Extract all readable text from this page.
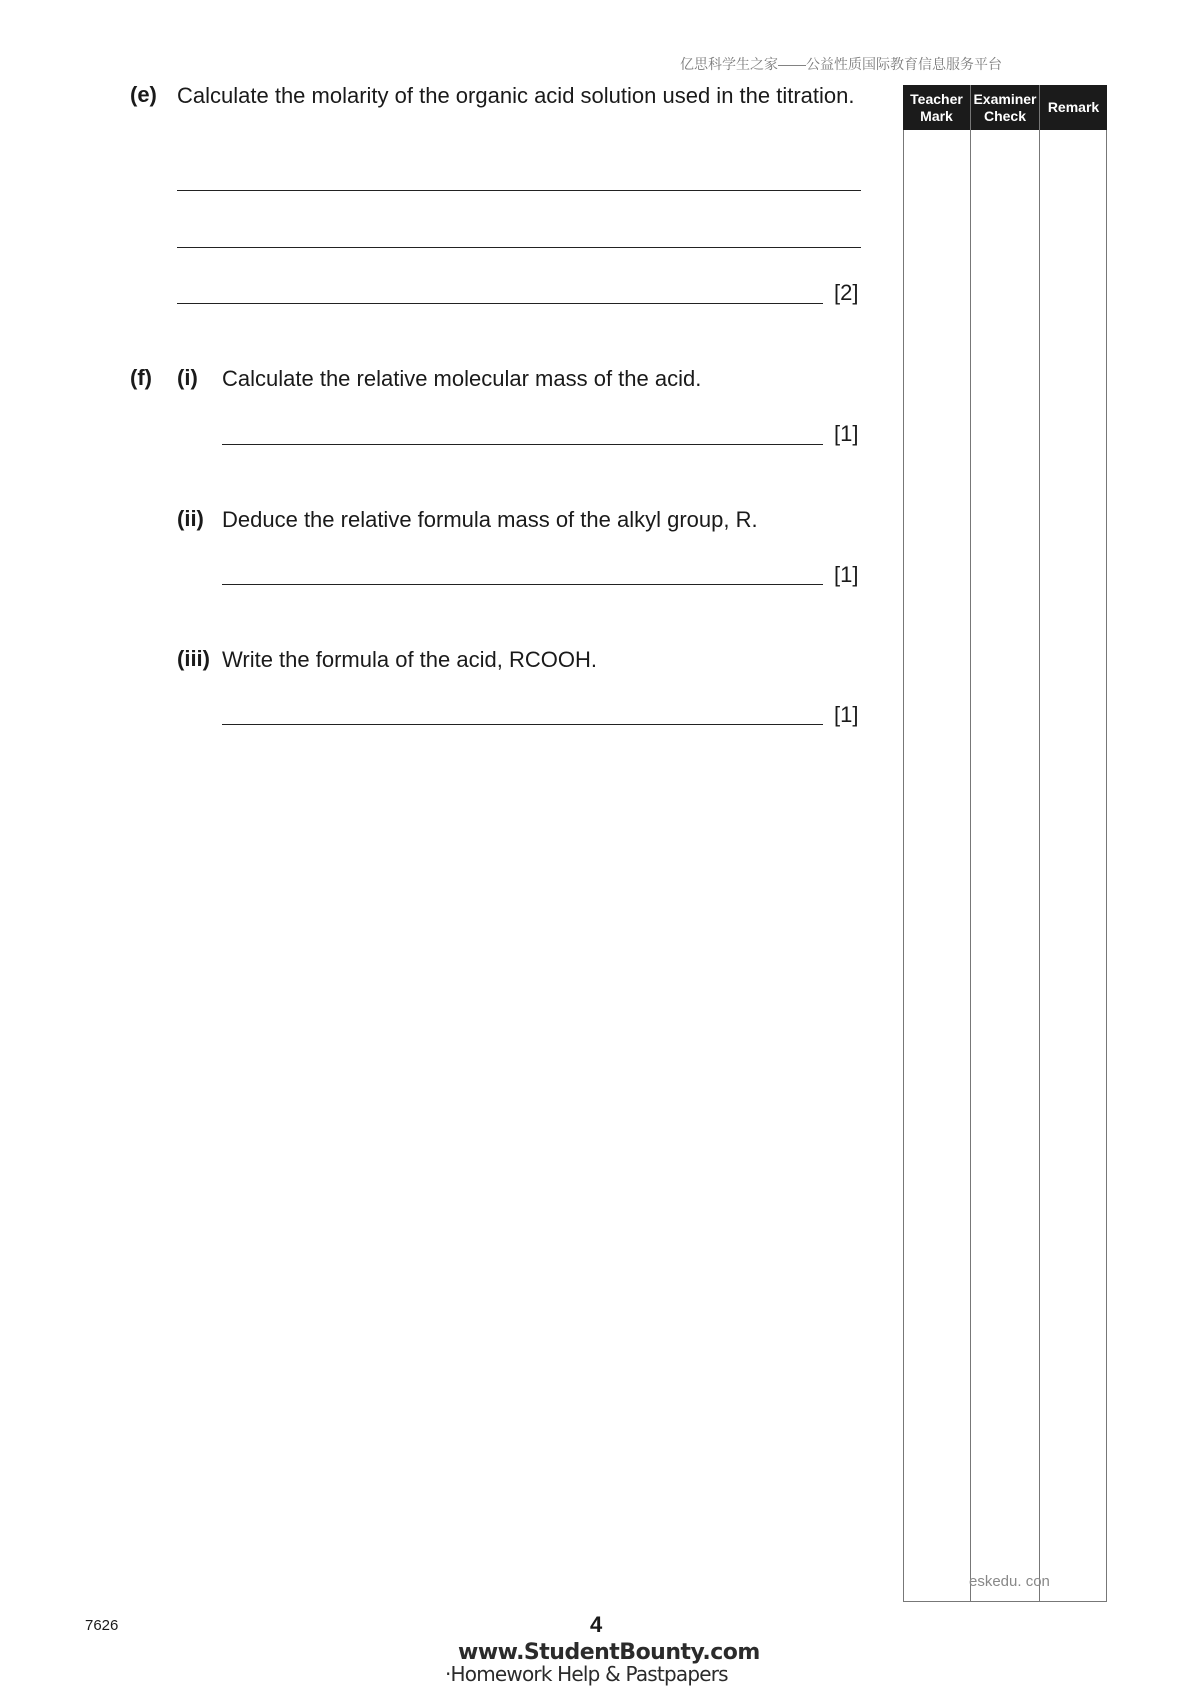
亿思科学生之家——公益性质国际教育信息服务平台
(e) Calculate the molarity of the organic acid solution used in the titration.
[2]
(f) (i) Calculate the relative molecular mass of the acid.
[1]
(ii) Deduce the relative formula mass of the alkyl group, R.
[1]
(iii) Write the formula of the acid, RCOOH.
[1]
Teacher Mark
Examiner Check
Remark
eskedu. con
7626	4
www.StudentBounty.com
·Homework Help & Pastpapers
